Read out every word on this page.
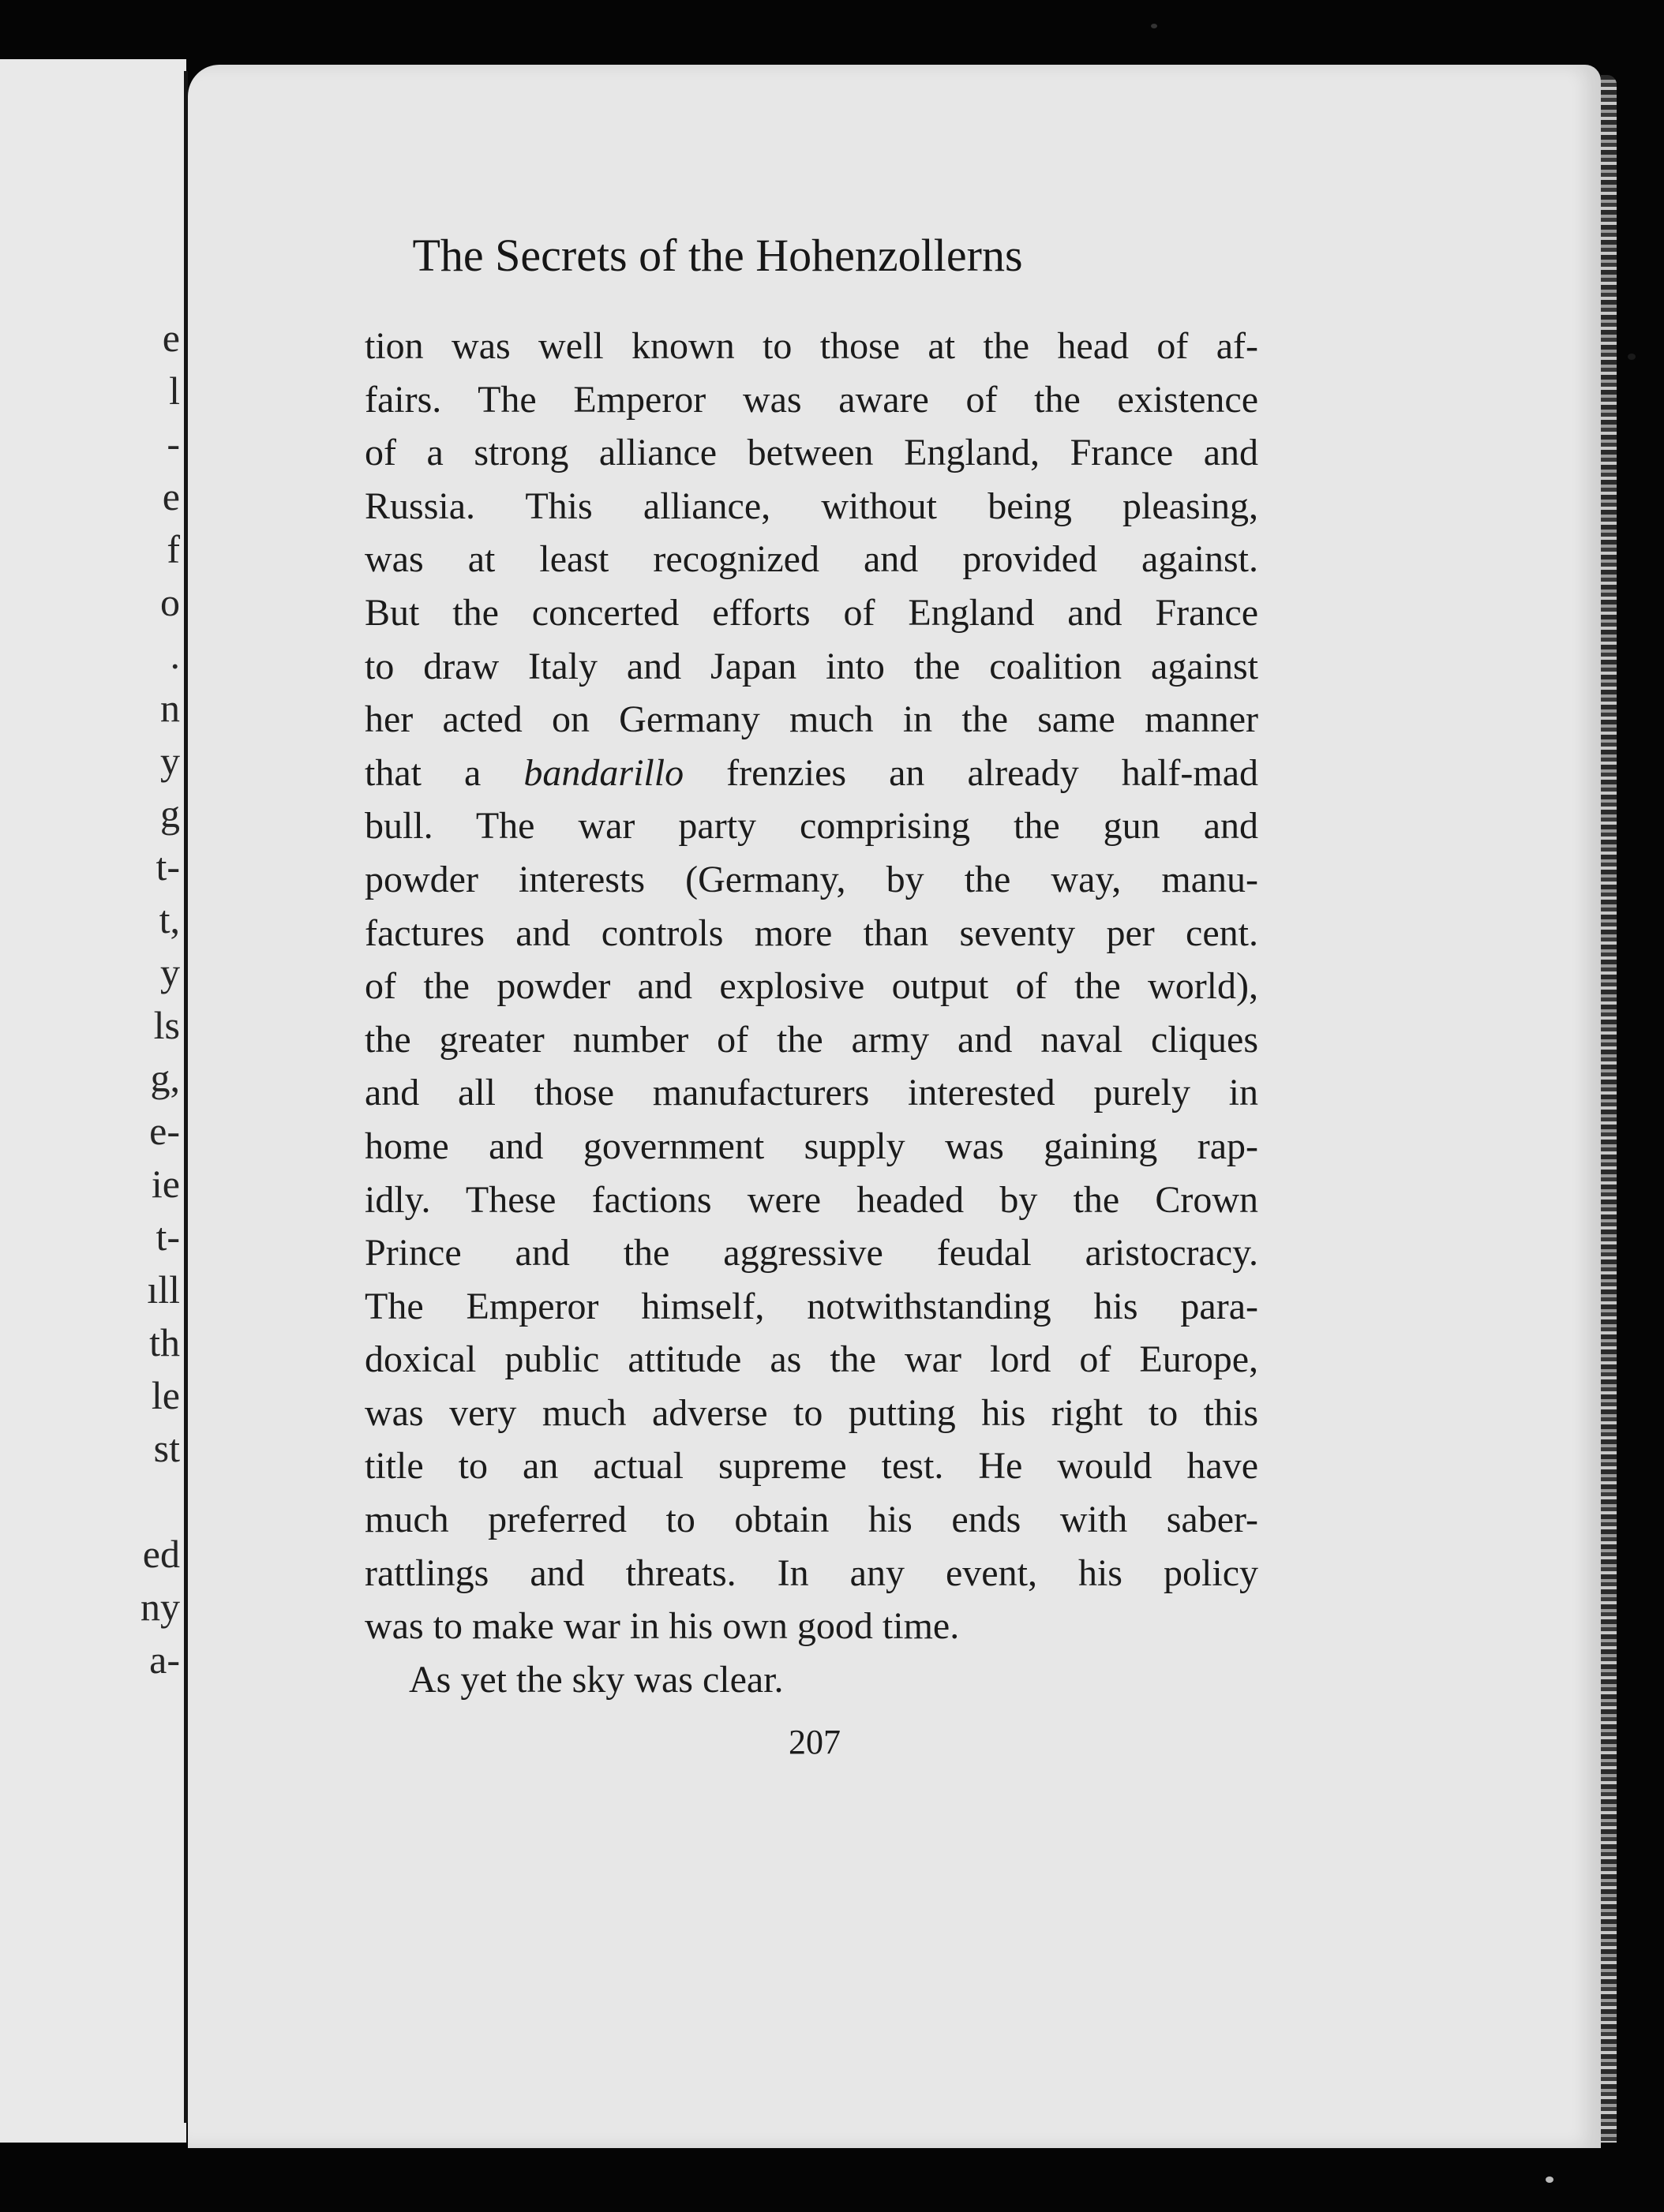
e
l
-
e
f
o
.
n
y
g
t-
t,
y
ls
g,
e-
ie
t-
ıll
th
le
st
ed
ny
a-
The Secrets of the Hohenzollerns
tion was well known to those at the head of af-
fairs. The Emperor was aware of the existence
of a strong alliance between England, France and
Russia. This alliance, without being pleasing,
was at least recognized and provided against.
But the concerted efforts of England and France
to draw Italy and Japan into the coalition against
her acted on Germany much in the same manner
that a bandarillo frenzies an already half-mad
bull. The war party comprising the gun and
powder interests (Germany, by the way, manu-
factures and controls more than seventy per cent.
of the powder and explosive output of the world),
the greater number of the army and naval cliques
and all those manufacturers interested purely in
home and government supply was gaining rap-
idly. These factions were headed by the Crown
Prince and the aggressive feudal aristocracy.
The Emperor himself, notwithstanding his para-
doxical public attitude as the war lord of Europe,
was very much adverse to putting his right to this
title to an actual supreme test. He would have
much preferred to obtain his ends with saber-
rattlings and threats. In any event, his policy
was to make war in his own good time.
As yet the sky was clear.
207
